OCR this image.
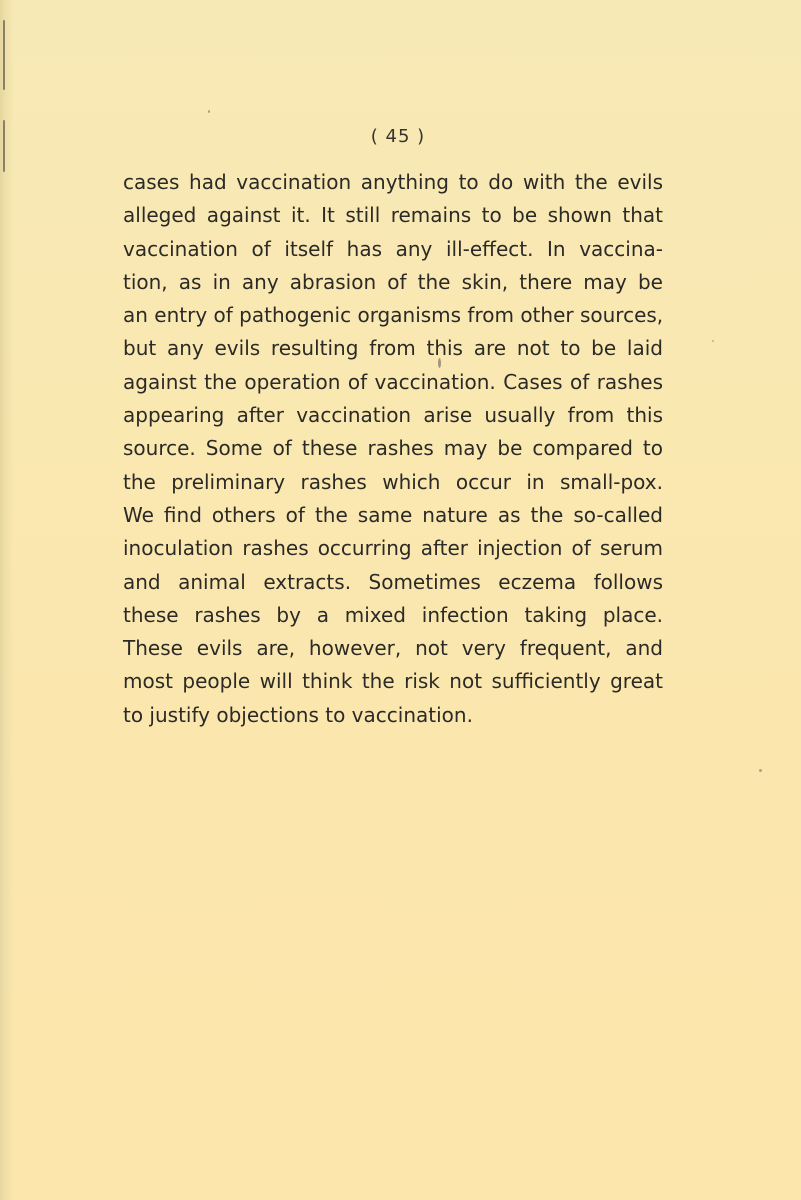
( 45 )

cases had vaccination anything to do with the evils
alleged against it. It still remains to be shown that
vaccination of itself has any ill-effect. In vaccina-
tion, as in any abrasion of the skin, there may be
an entry of pathogenic organisms from other sources,
but any evils resulting from this are not to be laid
against the operation of vaccination. Cases of rashes
appearing after vaccination arise usually from this
source. Some of these rashes may be compared to
the preliminary rashes which occur in small-pox.
We find others of the same nature as the so-called
inoculation rashes occurring after injection of serum
and animal extracts. Sometimes eczema follows
these rashes by a mixed infection taking place.
These evils are, however, not very frequent, and
most people will think the risk not sufficiently great
to justify objections to vaccination.
